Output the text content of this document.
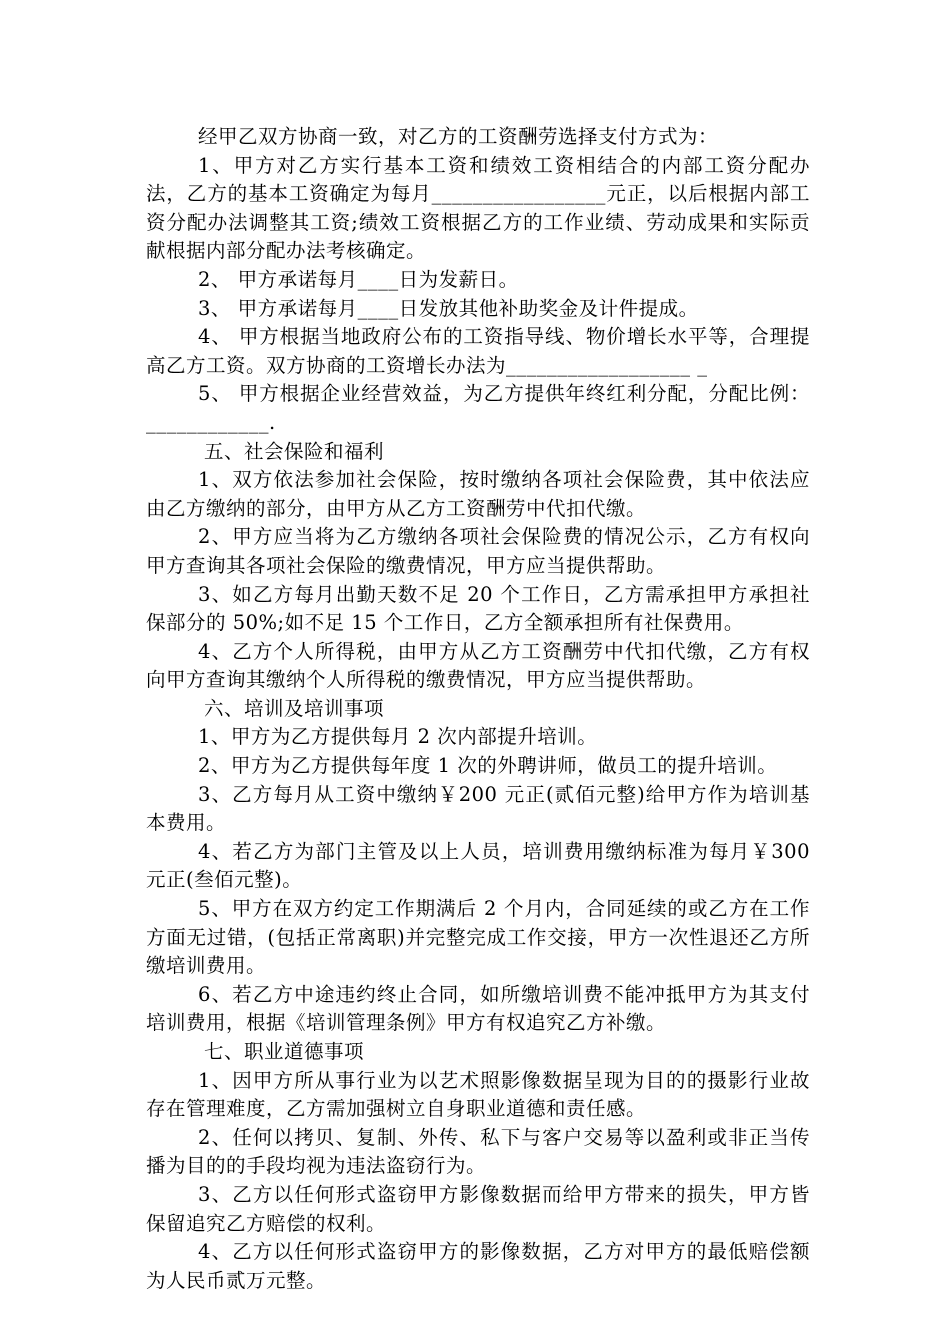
经甲乙双方协商一致，对乙方的工资酬劳选择支付方式为：

1、甲方对乙方实行基本工资和绩效工资相结合的内部工资分配办法，乙方的基本工资确定为每月_________________元正，以后根据内部工资分配办法调整其工资;绩效工资根据乙方的工作业绩、劳动成果和实际贡献根据内部分配办法考核确定。

2、 甲方承诺每月____日为发薪日。

3、 甲方承诺每月____日发放其他补助奖金及计件提成。

4、 甲方根据当地政府公布的工资指导线、物价增长水平等，合理提高乙方工资。双方协商的工资增长办法为__________________ _

5、 甲方根据企业经营效益，为乙方提供年终红利分配，分配比例：____________.

五、社会保险和福利

1、双方依法参加社会保险，按时缴纳各项社会保险费，其中依法应由乙方缴纳的部分，由甲方从乙方工资酬劳中代扣代缴。

2、甲方应当将为乙方缴纳各项社会保险费的情况公示，乙方有权向甲方查询其各项社会保险的缴费情况，甲方应当提供帮助。

3、如乙方每月出勤天数不足 20 个工作日，乙方需承担甲方承担社保部分的 50%;如不足 15 个工作日，乙方全额承担所有社保费用。

4、乙方个人所得税，由甲方从乙方工资酬劳中代扣代缴，乙方有权向甲方查询其缴纳个人所得税的缴费情况，甲方应当提供帮助。

六、培训及培训事项

1、甲方为乙方提供每月 2 次内部提升培训。

2、甲方为乙方提供每年度 1 次的外聘讲师，做员工的提升培训。

3、乙方每月从工资中缴纳￥200 元正(贰佰元整)给甲方作为培训基本费用。

4、若乙方为部门主管及以上人员，培训费用缴纳标准为每月￥300 元正(叁佰元整)。

5、甲方在双方约定工作期满后 2 个月内，合同延续的或乙方在工作方面无过错，(包括正常离职)并完整完成工作交接，甲方一次性退还乙方所缴培训费用。

6、若乙方中途违约终止合同，如所缴培训费不能冲抵甲方为其支付培训费用，根据《培训管理条例》甲方有权追究乙方补缴。

七、职业道德事项

1、因甲方所从事行业为以艺术照影像数据呈现为目的的摄影行业故存在管理难度，乙方需加强树立自身职业道德和责任感。

2、任何以拷贝、复制、外传、私下与客户交易等以盈利或非正当传播为目的的手段均视为违法盗窃行为。

3、乙方以任何形式盗窃甲方影像数据而给甲方带来的损失，甲方皆保留追究乙方赔偿的权利。

4、乙方以任何形式盗窃甲方的影像数据，乙方对甲方的最低赔偿额为人民币贰万元整。
